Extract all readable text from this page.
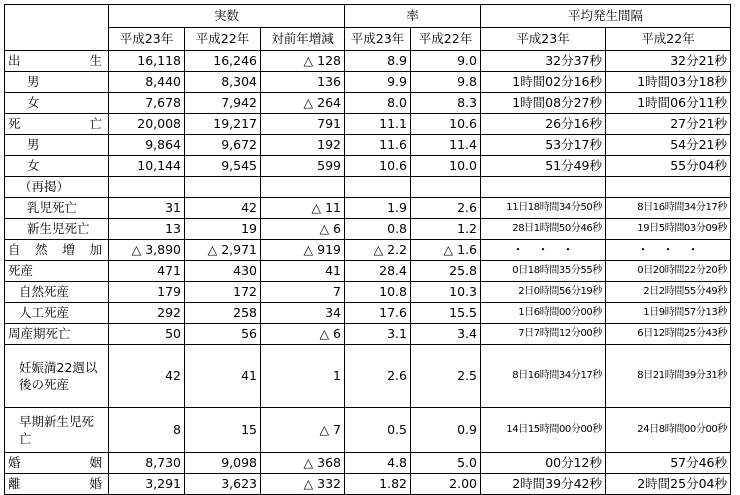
	実数			率		平均発生間隔	
	平成23年	平成22年	対前年増減	平成23年	平成22年	平成23年	平成22年
出　　　生	16,118	16,246	△ 128	8.9	9.0	32分37秒	32分21秒
男	8,440	8,304	136	9.9	9.8	1時間02分16秒	1時間03分18秒
女	7,678	7,942	△ 264	8.0	8.3	1時間08分27秒	1時間06分11秒
死　　　亡	20,008	19,217	791	11.1	10.6	26分16秒	27分21秒
男	9,864	9,672	192	11.6	11.4	53分17秒	54分21秒
女	10,144	9,545	599	10.6	10.0	51分49秒	55分04秒
（再掲）							
乳児死亡	31	42	△ 11	1.9	2.6	11日18時間34分50秒	8日16時間34分17秒
新生児死亡	13	19	△ 6	0.8	1.2	28日1時間50分46秒	19日5時間03分09秒
自　然　増　加	△ 3,890	△ 2,971	△ 919	△ 2.2	△ 1.6	・　・　・	・　・　・
死産	471	430	41	28.4	25.8	0日18時間35分55秒	0日20時間22分20秒
自然死産	179	172	7	10.8	10.3	2日0時間56分19秒	2日2時間55分49秒
人工死産	292	258	34	17.6	15.5	1日6時間00分00秒	1日9時間57分13秒
周産期死亡	50	56	△ 6	3.1	3.4	7日7時間12分00秒	6日12時間25分43秒
妊娠満22週以後の死産	42	41	1	2.6	2.5	8日16時間34分17秒	8日21時間39分31秒
早期新生児死亡	8	15	△ 7	0.5	0.9	14日15時間00分00秒	24日8時間00分00秒
婚　　　姻	8,730	9,098	△ 368	4.8	5.0	00分12秒	57分46秒
離　　　婚	3,291	3,623	△ 332	1.82	2.00	2時間39分42秒	2時間25分04秒
